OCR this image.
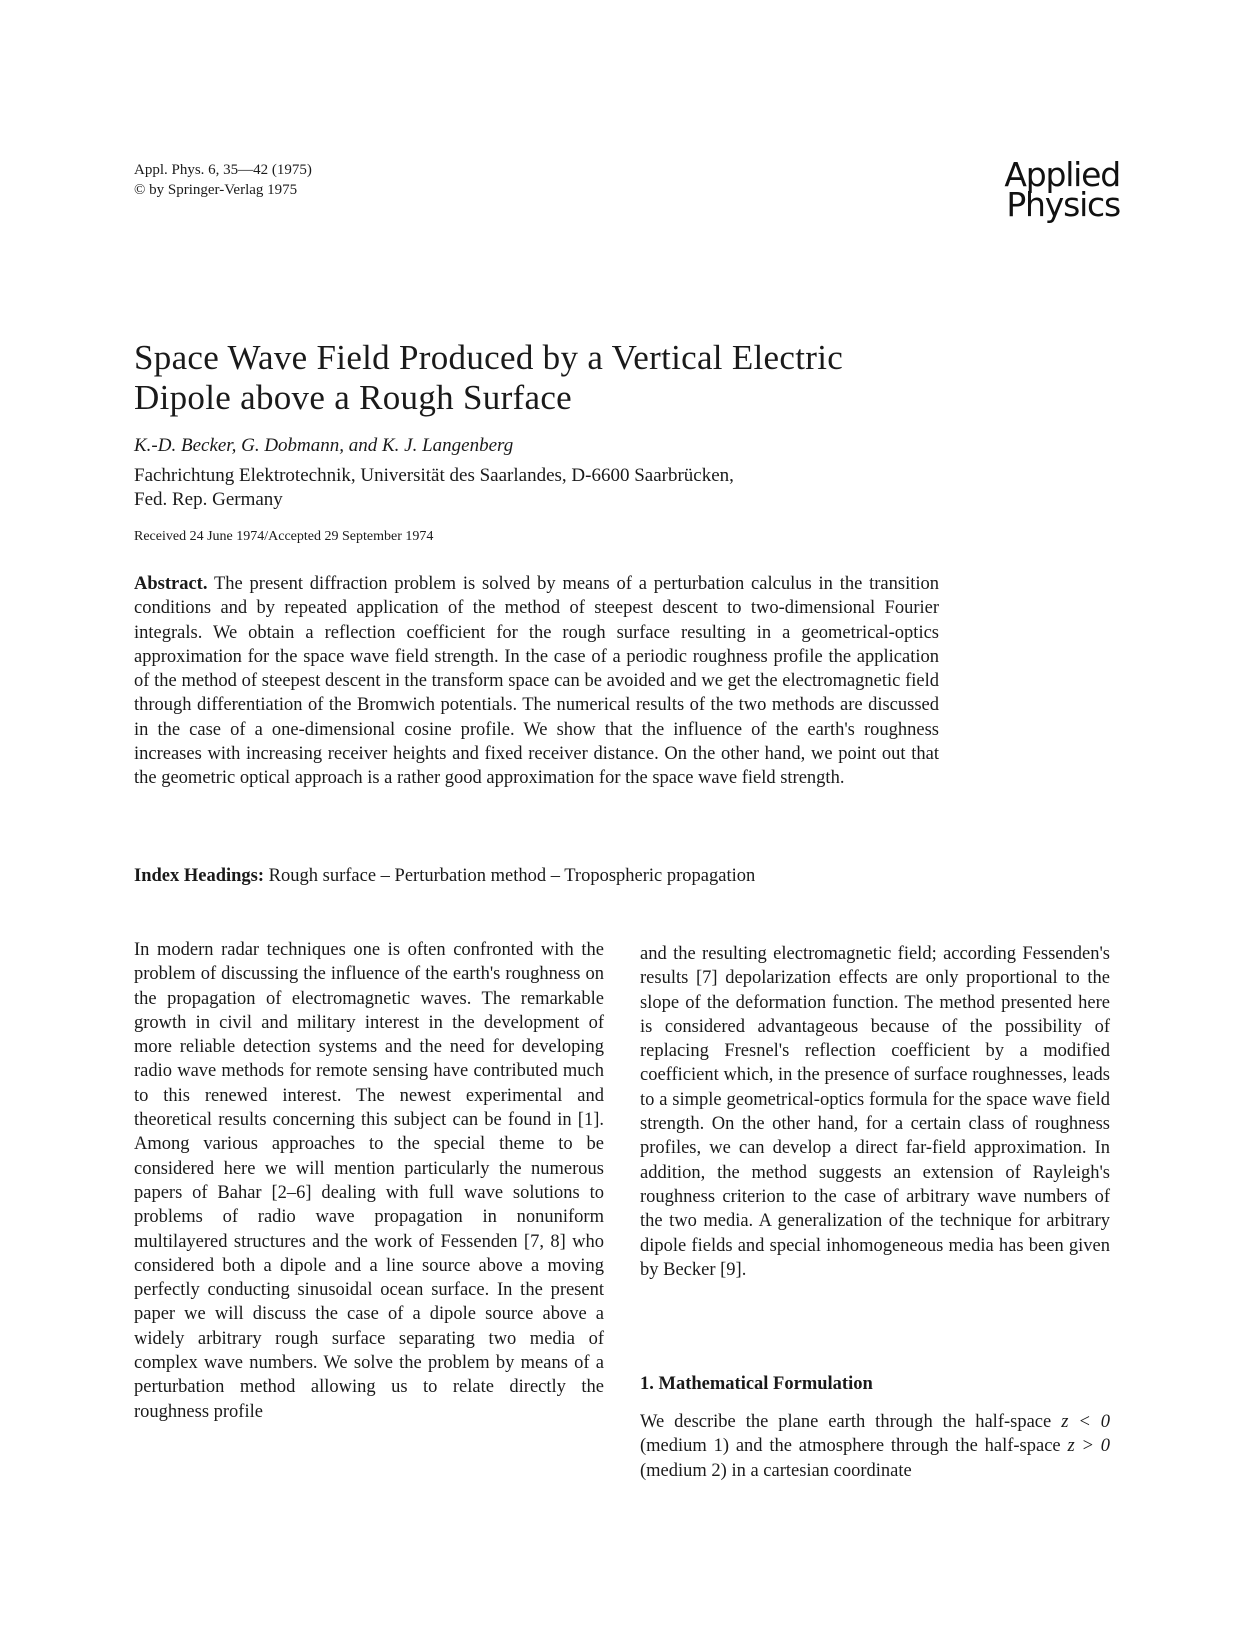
Appl. Phys. 6, 35—42 (1975)
© by Springer-Verlag 1975	Applied
Physics
Space Wave Field Produced by a Vertical Electric
Dipole above a Rough Surface
K.-D. Becker, G. Dobmann, and K. J. Langenberg
Fachrichtung Elektrotechnik, Universität des Saarlandes, D-6600 Saarbrücken,
Fed. Rep. Germany
Received 24 June 1974/Accepted 29 September 1974
Abstract. The present diffraction problem is solved by means of a perturbation calculus in the transition conditions and by repeated application of the method of steepest descent to two-dimensional Fourier integrals. We obtain a reflection coefficient for the rough surface resulting in a geometrical-optics approximation for the space wave field strength. In the case of a periodic roughness profile the application of the method of steepest descent in the transform space can be avoided and we get the electromagnetic field through differentiation of the Bromwich potentials. The numerical results of the two methods are discussed in the case of a one-dimensional cosine profile. We show that the influence of the earth's roughness increases with increasing receiver heights and fixed receiver distance. On the other hand, we point out that the geometric optical approach is a rather good approximation for the space wave field strength.
Index Headings: Rough surface – Perturbation method – Tropospheric propagation
In modern radar techniques one is often confronted with the problem of discussing the influence of the earth's roughness on the propagation of electromagnetic waves. The remarkable growth in civil and military interest in the development of more reliable detection systems and the need for developing radio wave methods for remote sensing have contributed much to this renewed interest. The newest experimental and theoretical results concerning this subject can be found in [1]. Among various approaches to the special theme to be considered here we will mention particularly the numerous papers of Bahar [2–6] dealing with full wave solutions to problems of radio wave propagation in nonuniform multilayered structures and the work of Fessenden [7, 8] who considered both a dipole and a line source above a moving perfectly conducting sinusoidal ocean surface. In the present paper we will discuss the case of a dipole source above a widely arbitrary rough surface separating two media of complex wave numbers. We solve the problem by means of a perturbation method allowing us to relate directly the roughness profile
and the resulting electromagnetic field; according Fessenden's results [7] depolarization effects are only proportional to the slope of the deformation function. The method presented here is considered advantageous because of the possibility of replacing Fresnel's reflection coefficient by a modified coefficient which, in the presence of surface roughnesses, leads to a simple geometrical-optics formula for the space wave field strength. On the other hand, for a certain class of roughness profiles, we can develop a direct far-field approximation. In addition, the method suggests an extension of Rayleigh's roughness criterion to the case of arbitrary wave numbers of the two media. A generalization of the technique for arbitrary dipole fields and special inhomogeneous media has been given by Becker [9].
1. Mathematical Formulation
We describe the plane earth through the half-space z < 0 (medium 1) and the atmosphere through the half-space z > 0 (medium 2) in a cartesian coordinate
